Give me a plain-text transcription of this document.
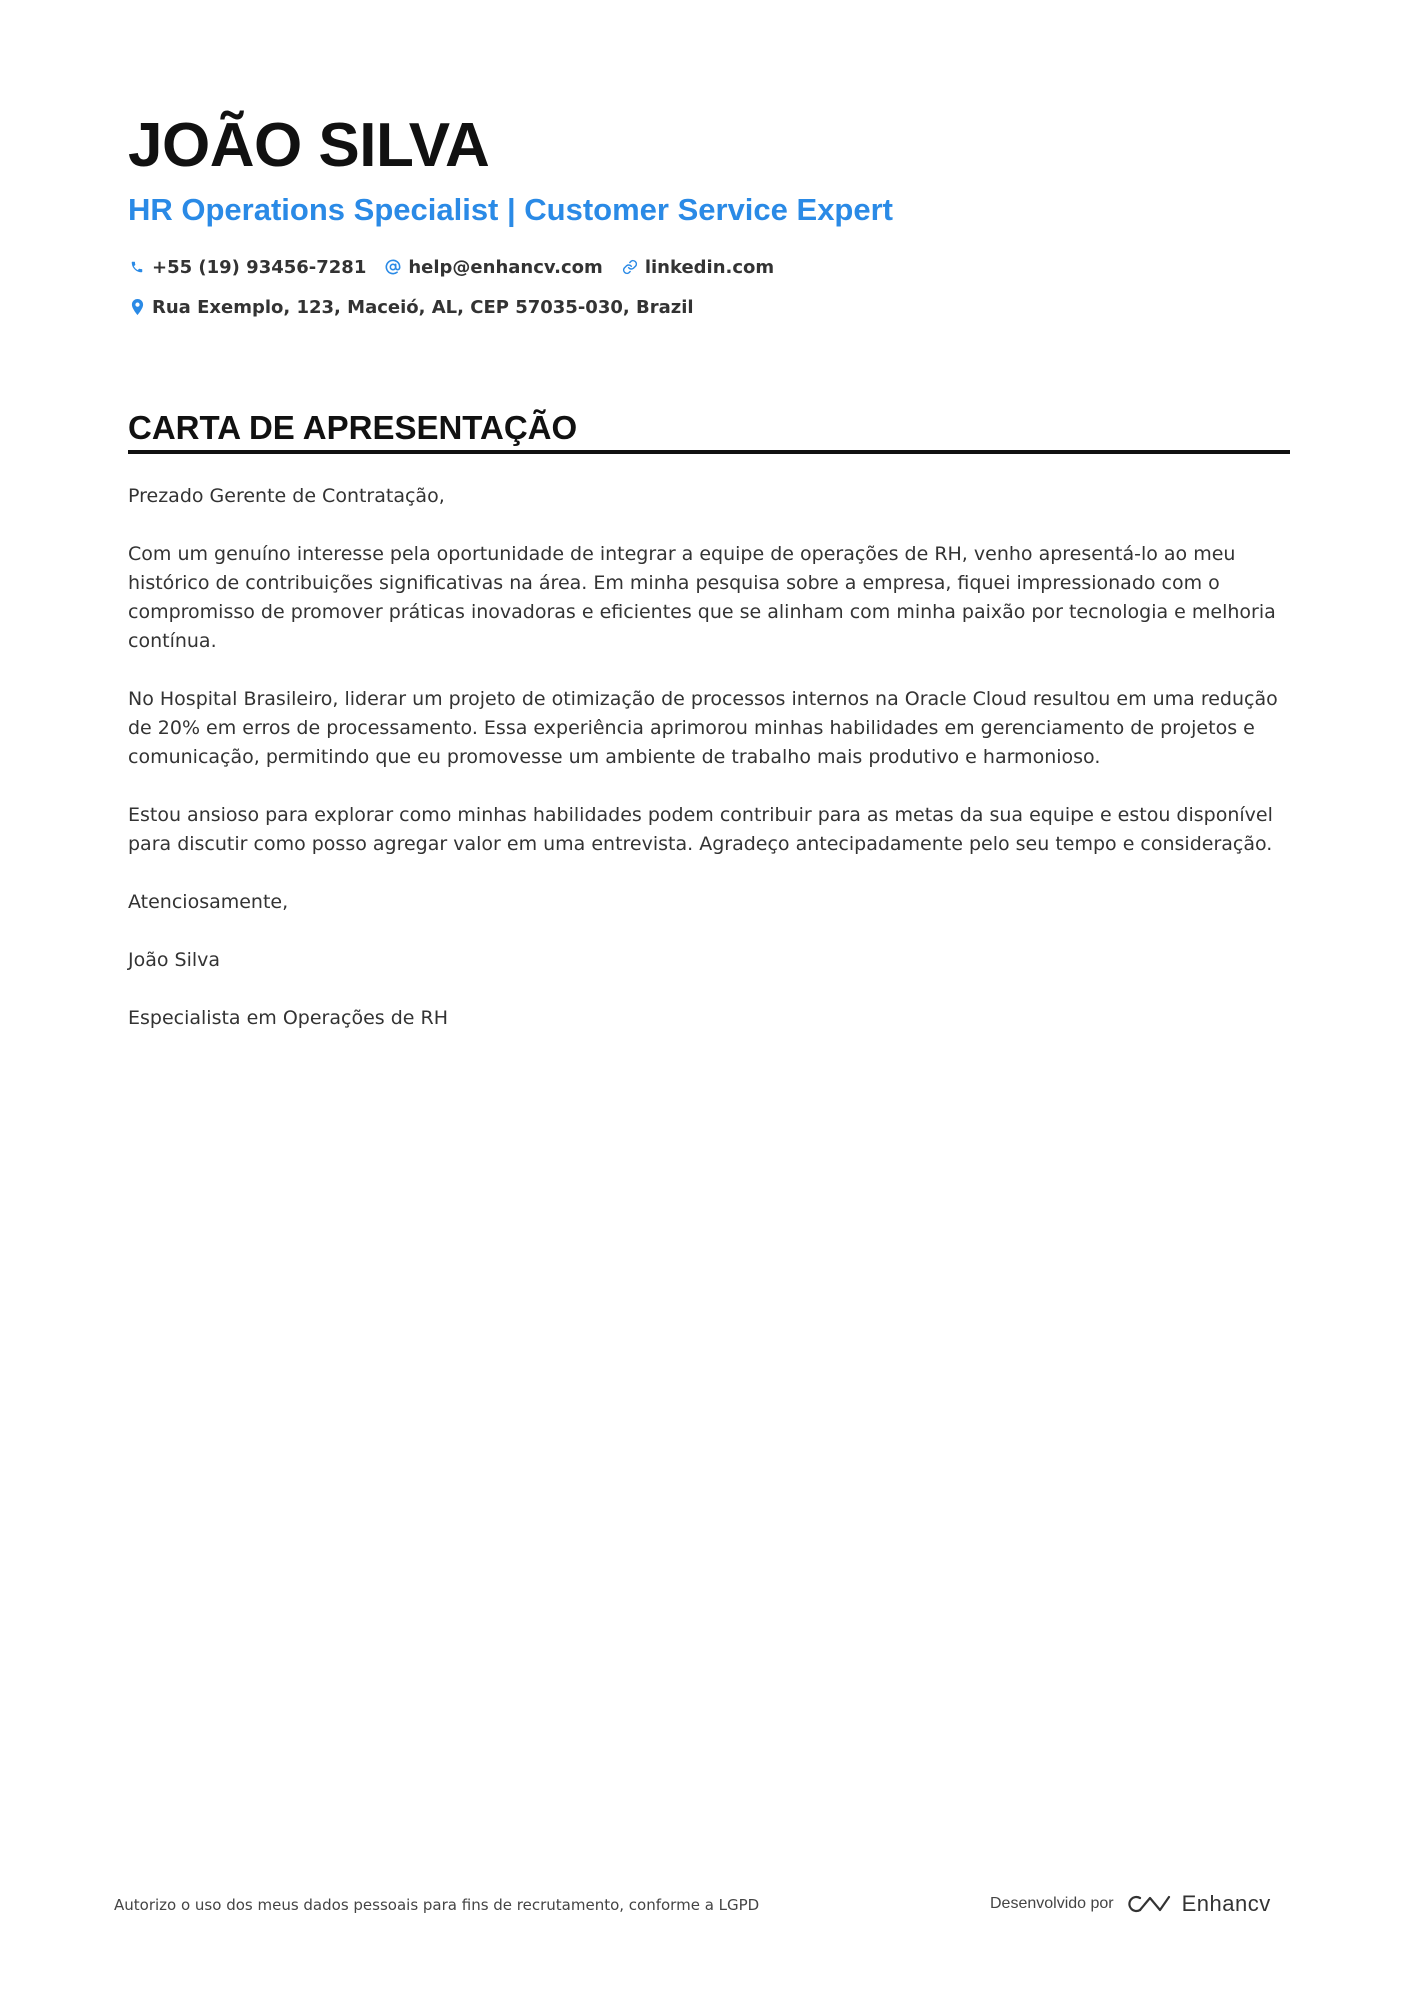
JOÃO SILVA
HR Operations Specialist | Customer Service Expert
+55 (19) 93456-7281 help@enhancv.com linkedin.com
Rua Exemplo, 123, Maceió, AL, CEP 57035-030, Brazil
CARTA DE APRESENTAÇÃO

Prezado Gerente de Contratação,

Com um genuíno interesse pela oportunidade de integrar a equipe de operações de RH, venho apresentá-lo ao meu histórico de contribuições significativas na área. Em minha pesquisa sobre a empresa, fiquei impressionado com o compromisso de promover práticas inovadoras e eficientes que se alinham com minha paixão por tecnologia e melhoria contínua.

No Hospital Brasileiro, liderar um projeto de otimização de processos internos na Oracle Cloud resultou em uma redução de 20% em erros de processamento. Essa experiência aprimorou minhas habilidades em gerenciamento de projetos e comunicação, permitindo que eu promovesse um ambiente de trabalho mais produtivo e harmonioso.

Estou ansioso para explorar como minhas habilidades podem contribuir para as metas da sua equipe e estou disponível para discutir como posso agregar valor em uma entrevista. Agradeço antecipadamente pelo seu tempo e consideração.

Atenciosamente,

João Silva

Especialista em Operações de RH

Autorizo o uso dos meus dados pessoais para fins de recrutamento, conforme a LGPD	Desenvolvido por	Enhancv
